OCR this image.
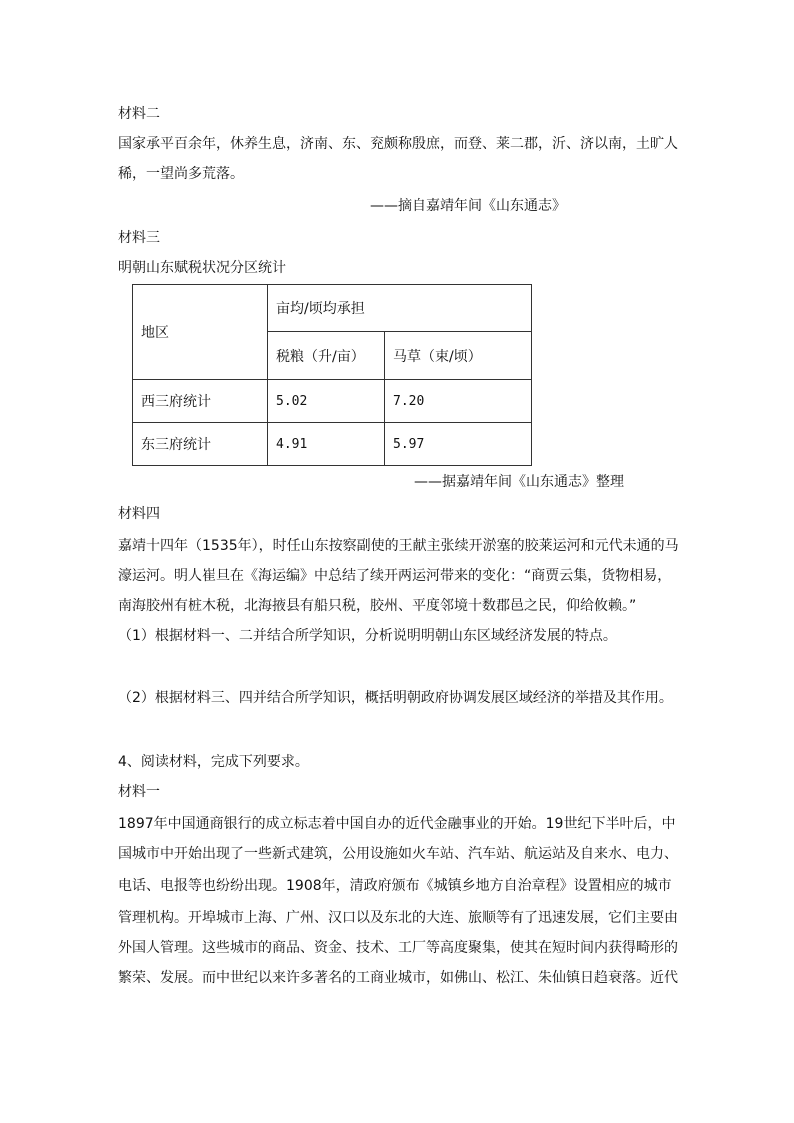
材料二
国家承平百余年，休养生息，济南、东、兖颇称殷庶，而登、莱二郡，沂、济以南，土旷人
稀，一望尚多荒落。
——摘自嘉靖年间《山东通志》
材料三
明朝山东赋税状况分区统计
地区	亩均/顷均承担	
	税粮（升/亩）	马草（束/顷）
西三府统计	5.02	7.20
东三府统计	4.91	5.97
——据嘉靖年间《山东通志》整理
材料四
嘉靖十四年（1535年），时任山东按察副使的王献主张续开淤塞的胶莱运河和元代未通的马
濠运河。明人崔旦在《海运编》中总结了续开两运河带来的变化：“商贾云集，货物相易，
南海胶州有桩木税，北海掖县有船只税，胶州、平度邻境十数郡邑之民，仰给攸赖。”
（1）根据材料一、二并结合所学知识，分析说明明朝山东区域经济发展的特点。
（2）根据材料三、四并结合所学知识，概括明朝政府协调发展区域经济的举措及其作用。
4、阅读材料，完成下列要求。
材料一
1897年中国通商银行的成立标志着中国自办的近代金融事业的开始。19世纪下半叶后，中
国城市中开始出现了一些新式建筑，公用设施如火车站、汽车站、航运站及自来水、电力、
电话、电报等也纷纷出现。1908年，清政府颁布《城镇乡地方自治章程》设置相应的城市
管理机构。开埠城市上海、广州、汉口以及东北的大连、旅顺等有了迅速发展，它们主要由
外国人管理。这些城市的商品、资金、技术、工厂等高度聚集，使其在短时间内获得畸形的
繁荣、发展。而中世纪以来许多著名的工商业城市，如佛山、松江、朱仙镇日趋衰落。近代
